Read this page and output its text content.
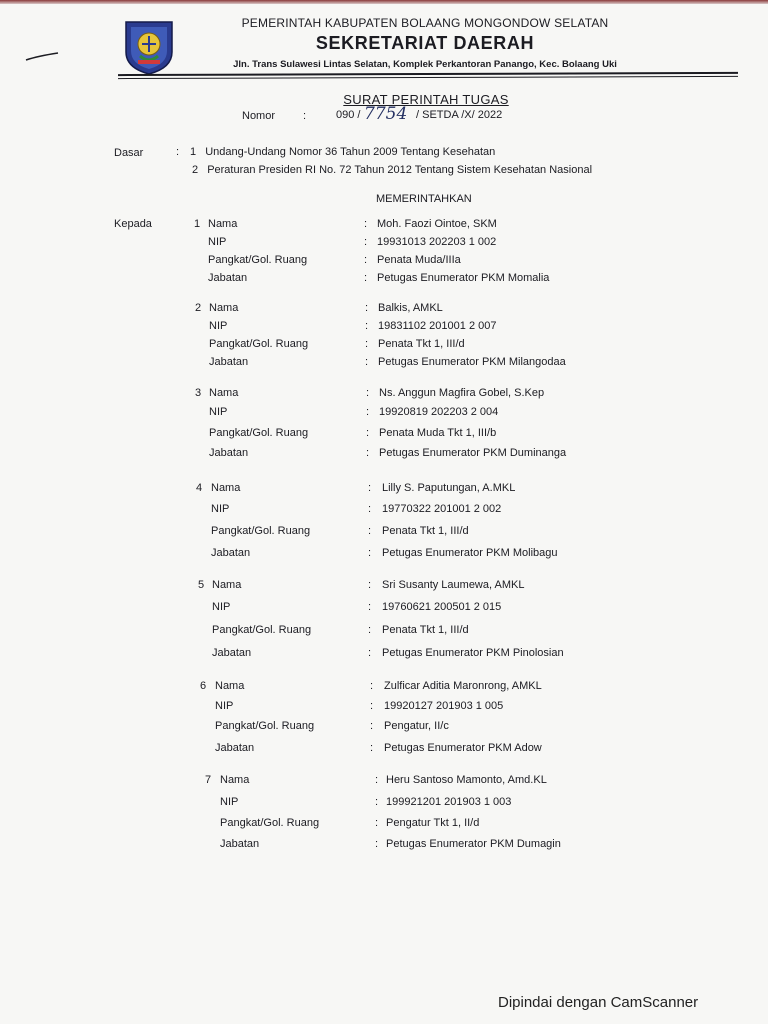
PEMERINTAH KABUPATEN BOLAANG MONGONDOW SELATAN
SEKRETARIAT DAERAH
Jln. Trans Sulawesi Lintas Selatan, Komplek Perkantoran Panango, Kec. Bolaang Uki
SURAT PERINTAH TUGAS
Nomor	:	090 / 7754 / SETDA /X/ 2022
Dasar	: 1 Undang-Undang Nomor 36 Tahun 2009 Tentang Kesehatan
2 Peraturan Presiden RI No. 72 Tahun 2012 Tentang Sistem Kesehatan Nasional
MEMERINTAHKAN
Kepada	1 Nama	: Moh. Faozi Ointoe, SKM
NIP	: 19931013 202203 1 002
Pangkat/Gol. Ruang	: Penata Muda/IIIa
Jabatan	: Petugas Enumerator PKM Momalia
2 Nama	: Balkis, AMKL
NIP	: 19831102 201001 2 007
Pangkat/Gol. Ruang	: Penata Tkt 1, III/d
Jabatan	: Petugas Enumerator PKM Milangodaa
3 Nama	: Ns. Anggun Magfira Gobel, S.Kep
NIP	: 19920819 202203 2 004
Pangkat/Gol. Ruang	: Penata Muda Tkt 1, III/b
Jabatan	: Petugas Enumerator PKM Duminanga
4 Nama	: Lilly S. Paputungan, A.MKL
NIP	: 19770322 201001 2 002
Pangkat/Gol. Ruang	: Penata Tkt 1, III/d
Jabatan	: Petugas Enumerator PKM Molibagu
5 Nama	: Sri Susanty Laumewa, AMKL
NIP	: 19760621 200501 2 015
Pangkat/Gol. Ruang	: Penata Tkt 1, III/d
Jabatan	: Petugas Enumerator PKM Pinolosian
6 Nama	: Zulficar Aditia Maronrong, AMKL
NIP	: 19920127 201903 1 005
Pangkat/Gol. Ruang	: Pengatur, II/c
Jabatan	: Petugas Enumerator PKM Adow
7 Nama	: Heru Santoso Mamonto, Amd.KL
NIP	: 199921201 201903 1 003
Pangkat/Gol. Ruang	: Pengatur Tkt 1, II/d
Jabatan	: Petugas Enumerator PKM Dumagin
Dipindai dengan CamScanner
